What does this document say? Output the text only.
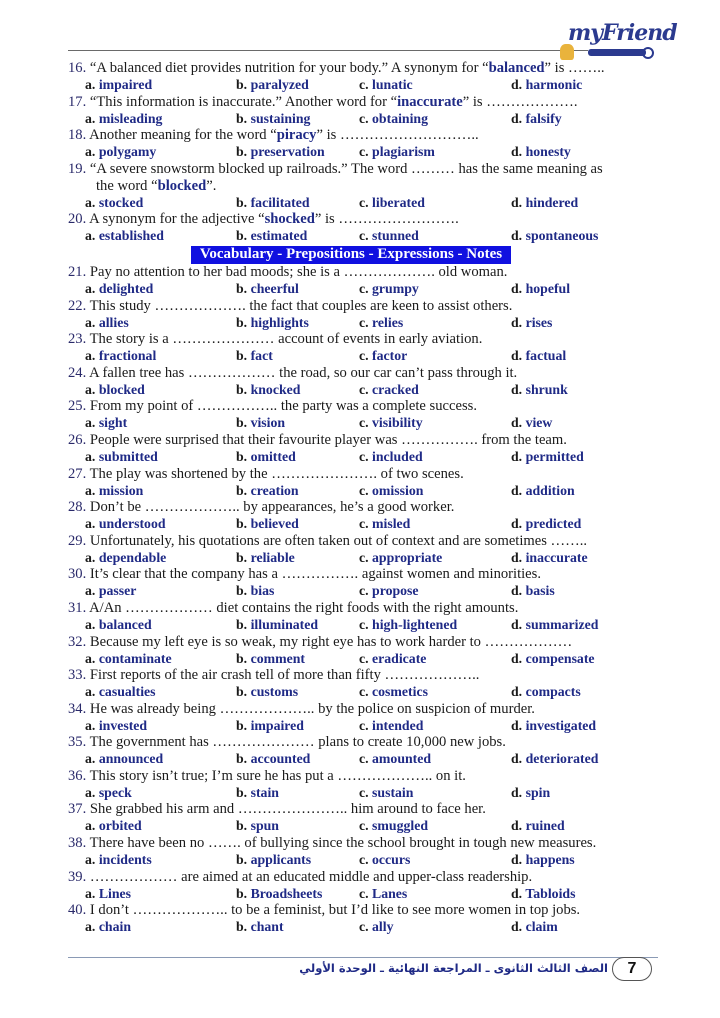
myFriend
16. “A balanced diet provides nutrition for your body.” A synonym for “balanced” is ……..
a. impaired	b. paralyzed	c. lunatic	d. harmonic
17. “This information is inaccurate.” Another word for “inaccurate” is ……………….
a. misleading	b. sustaining	c. obtaining	d. falsify
18. Another meaning for the word “piracy” is ………………………..
a. polygamy	b. preservation c. plagiarism	d. honesty
19. “A severe snowstorm blocked up railroads.” The word ……… has the same meaning as
the word “blocked”.
a. stocked	b. facilitated	c. liberated	d. hindered
20. A synonym for the adjective “shocked” is …………………….
a. established	b. estimated	c. stunned	d. spontaneous
Vocabulary - Prepositions - Expressions - Notes
21. Pay no attention to her bad moods; she is a ………………. old woman.
a. delighted	b. cheerful	c. grumpy	d. hopeful
22. This study ………………. the fact that couples are keen to assist others.
a. allies	b. highlights	c. relies	d. rises
23. The story is a ………………… account of events in early aviation.
a. fractional	b. fact	c. factor	d. factual
24. A fallen tree has ……………… the road, so our car can’t pass through it.
a. blocked	b. knocked	c. cracked	d. shrunk
25. From my point of …………….. the party was a complete success.
a. sight	b. vision	c. visibility	d. view
26. People were surprised that their favourite player was ……………. from the team.
a. submitted	b. omitted	c. included	d. permitted
27. The play was shortened by the …………………. of two scenes.
a. mission	b. creation	c. omission	d. addition
28. Don’t be ……………….. by appearances, he’s a good worker.
a. understood	b. believed	c. misled	d. predicted
29. Unfortunately, his quotations are often taken out of context and are sometimes ……..
a. dependable	b. reliable	c. appropriate	d. inaccurate
30. It’s clear that the company has a ……………. against women and minorities.
a. passer	b. bias	c. propose	d. basis
31. A/An ……………… diet contains the right foods with the right amounts.
a. balanced	b. illuminated	c. high-lightened	d. summarized
32. Because my left eye is so weak, my right eye has to work harder to ………………
a. contaminate	b. comment	c. eradicate	d. compensate
33. First reports of the air crash tell of more than fifty ………………..
a. casualties	b. customs	c. cosmetics	d. compacts
34. He was already being ……………….. by the police on suspicion of murder.
a. invested	b. impaired	c. intended	d. investigated
35. The government has ………………… plans to create 10,000 new jobs.
a. announced	b. accounted	c. amounted	d. deteriorated
36. This story isn’t true; I’m sure he has put a ……………….. on it.
a. speck	b. stain	c. sustain	d. spin
37. She grabbed his arm and ………………….. him around to face her.
a. orbited	b. spun	c. smuggled	d. ruined
38. There have been no ……. of bullying since the school brought in tough new measures.
a. incidents	b. applicants	c. occurs	d. happens
39. ……………… are aimed at an educated middle and upper-class readership.
a. Lines	b. Broadsheets	c. Lanes	d. Tabloids
40. I don’t ……………….. to be a feminist, but I’d like to see more women in top jobs.
a. chain	b. chant	c. ally	d. claim
الصف الثالث الثانوى ـ المراجعة النهائية ـ الوحدة الأولي	7
